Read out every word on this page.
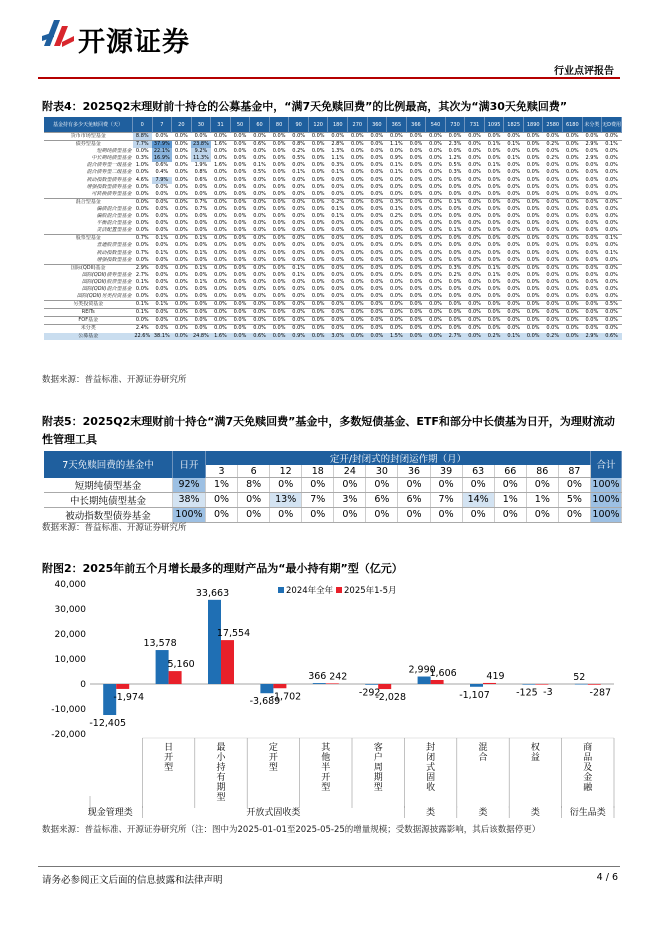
开源证券
行业点评报告
附表4：2025Q2末理财前十持仓的公募基金中，“满7天免赎回费”的比例最高，其次为“满30天免赎回费”
基金持有多少天免赎回费（天）	0	7	20	30	31	50	60	80	90	120	180	270	360	365	366	540	730	731	1095	1825	1890	2580	6180	未分类	无D费用
货币市场型基金	8.8%	0.0%	0.0%	0.0%	0.0%	0.0%	0.0%	0.0%	0.0%	0.0%	0.0%	0.0%	0.0%	0.0%	0.0%	0.0%	0.0%	0.0%	0.0%	0.0%	0.0%	0.0%	0.0%	0.0%	0.0%
债券型基金	7.7%	37.9%	0.0%	23.8%	1.6%	0.0%	0.6%	0.0%	0.8%	0.0%	2.8%	0.0%	0.0%	1.1%	0.0%	0.0%	2.3%	0.0%	0.1%	0.1%	0.0%	0.2%	0.0%	2.9%	0.1%
短期纯债型基金	0.0%	22.1%	0.0%	9.2%	0.0%	0.0%	0.0%	0.0%	0.2%	0.0%	1.3%	0.0%	0.0%	0.0%	0.0%	0.0%	0.0%	0.0%	0.0%	0.0%	0.0%	0.0%	0.0%	0.0%	0.0%
中长期纯债型基金	0.3%	16.9%	0.0%	11.3%	0.0%	0.0%	0.0%	0.0%	0.5%	0.0%	1.1%	0.0%	0.0%	0.9%	0.0%	0.0%	1.2%	0.0%	0.0%	0.1%	0.0%	0.2%	0.0%	2.9%	0.0%
混合债券型一级基金	1.0%	0.6%	0.0%	1.9%	1.6%	0.0%	0.1%	0.0%	0.0%	0.0%	0.3%	0.0%	0.0%	0.1%	0.0%	0.0%	0.5%	0.0%	0.1%	0.0%	0.0%	0.0%	0.0%	0.0%	0.0%
混合债券型二级基金	0.0%	0.4%	0.0%	0.8%	0.0%	0.0%	0.5%	0.0%	0.1%	0.0%	0.1%	0.0%	0.0%	0.1%	0.0%	0.0%	0.3%	0.0%	0.0%	0.0%	0.0%	0.0%	0.0%	0.0%	0.0%
被动指数型债券基金	4.6%	7.9%	0.0%	0.6%	0.0%	0.0%	0.0%	0.0%	0.0%	0.0%	0.0%	0.0%	0.0%	0.0%	0.0%	0.0%	0.0%	0.0%	0.0%	0.0%	0.0%	0.0%	0.0%	0.0%	0.0%
增强指数型债券基金	0.0%	0.0%	0.0%	0.0%	0.0%	0.0%	0.0%	0.0%	0.0%	0.0%	0.0%	0.0%	0.0%	0.0%	0.0%	0.0%	0.0%	0.0%	0.0%	0.0%	0.0%	0.0%	0.0%	0.0%	0.0%
可转换债券型基金	0.0%	0.0%	0.0%	0.0%	0.0%	0.0%	0.0%	0.0%	0.0%	0.0%	0.0%	0.0%	0.0%	0.0%	0.0%	0.0%	0.0%	0.0%	0.0%	0.0%	0.0%	0.0%	0.0%	0.0%	0.0%
混合型基金	0.0%	0.0%	0.0%	0.7%	0.0%	0.0%	0.0%	0.0%	0.0%	0.0%	0.2%	0.0%	0.0%	0.3%	0.0%	0.0%	0.1%	0.0%	0.0%	0.0%	0.0%	0.0%	0.0%	0.0%	0.0%
偏债混合型基金	0.0%	0.0%	0.0%	0.7%	0.0%	0.0%	0.0%	0.0%	0.0%	0.0%	0.1%	0.0%	0.0%	0.1%	0.0%	0.0%	0.0%	0.0%	0.0%	0.0%	0.0%	0.0%	0.0%	0.0%	0.0%
偏股混合型基金	0.0%	0.0%	0.0%	0.0%	0.0%	0.0%	0.0%	0.0%	0.0%	0.0%	0.1%	0.0%	0.0%	0.2%	0.0%	0.0%	0.0%	0.0%	0.0%	0.0%	0.0%	0.0%	0.0%	0.0%	0.0%
平衡混合型基金	0.0%	0.0%	0.0%	0.0%	0.0%	0.0%	0.0%	0.0%	0.0%	0.0%	0.0%	0.0%	0.0%	0.0%	0.0%	0.0%	0.0%	0.0%	0.0%	0.0%	0.0%	0.0%	0.0%	0.0%	0.0%
灵活配置型基金	0.0%	0.0%	0.0%	0.0%	0.0%	0.0%	0.0%	0.0%	0.0%	0.0%	0.0%	0.0%	0.0%	0.0%	0.0%	0.0%	0.1%	0.0%	0.0%	0.0%	0.0%	0.0%	0.0%	0.0%	0.0%
股票型基金	0.7%	0.1%	0.0%	0.1%	0.0%	0.0%	0.0%	0.0%	0.0%	0.0%	0.0%	0.0%	0.0%	0.0%	0.0%	0.0%	0.0%	0.0%	0.0%	0.0%	0.0%	0.0%	0.0%	0.0%	0.1%
普通股票型基金	0.0%	0.0%	0.0%	0.0%	0.0%	0.0%	0.0%	0.0%	0.0%	0.0%	0.0%	0.0%	0.0%	0.0%	0.0%	0.0%	0.0%	0.0%	0.0%	0.0%	0.0%	0.0%	0.0%	0.0%	0.0%
被动指数型基金	0.7%	0.1%	0.0%	0.1%	0.0%	0.0%	0.0%	0.0%	0.0%	0.0%	0.0%	0.0%	0.0%	0.0%	0.0%	0.0%	0.0%	0.0%	0.0%	0.0%	0.0%	0.0%	0.0%	0.0%	0.1%
增强指数型基金	0.0%	0.0%	0.0%	0.0%	0.0%	0.0%	0.0%	0.0%	0.0%	0.0%	0.0%	0.0%	0.0%	0.0%	0.0%	0.0%	0.0%	0.0%	0.0%	0.0%	0.0%	0.0%	0.0%	0.0%	0.0%
国际(QDII)基金	2.9%	0.0%	0.0%	0.1%	0.0%	0.0%	0.0%	0.0%	0.1%	0.0%	0.0%	0.0%	0.0%	0.0%	0.0%	0.0%	0.3%	0.0%	0.1%	0.0%	0.0%	0.0%	0.0%	0.0%	0.0%
国际(QDII)债券型基金	2.7%	0.0%	0.0%	0.0%	0.0%	0.0%	0.0%	0.0%	0.1%	0.0%	0.0%	0.0%	0.0%	0.0%	0.0%	0.0%	0.2%	0.0%	0.1%	0.0%	0.0%	0.0%	0.0%	0.0%	0.0%
国际(QDII)股票型基金	0.1%	0.0%	0.0%	0.1%	0.0%	0.0%	0.0%	0.0%	0.0%	0.0%	0.0%	0.0%	0.0%	0.0%	0.0%	0.0%	0.0%	0.0%	0.0%	0.0%	0.0%	0.0%	0.0%	0.0%	0.0%
国际(QDII)混合型基金	0.0%	0.0%	0.0%	0.0%	0.0%	0.0%	0.0%	0.0%	0.0%	0.0%	0.0%	0.0%	0.0%	0.0%	0.0%	0.0%	0.0%	0.0%	0.0%	0.0%	0.0%	0.0%	0.0%	0.0%	0.0%
国际(QDII)另类投资基金	0.0%	0.0%	0.0%	0.0%	0.0%	0.0%	0.0%	0.0%	0.0%	0.0%	0.0%	0.0%	0.0%	0.0%	0.0%	0.0%	0.0%	0.0%	0.0%	0.0%	0.0%	0.0%	0.0%	0.0%	0.0%
另类投资基金	0.1%	0.1%	0.0%	0.0%	0.0%	0.0%	0.0%	0.0%	0.0%	0.0%	0.0%	0.0%	0.0%	0.0%	0.0%	0.0%	0.0%	0.0%	0.0%	0.0%	0.0%	0.0%	0.0%	0.0%	0.5%
REITs	0.1%	0.0%	0.0%	0.0%	0.0%	0.0%	0.0%	0.0%	0.0%	0.0%	0.0%	0.0%	0.0%	0.0%	0.0%	0.0%	0.0%	0.0%	0.0%	0.0%	0.0%	0.0%	0.0%	0.0%	0.0%
FOF基金	0.0%	0.0%	0.0%	0.0%	0.0%	0.0%	0.0%	0.0%	0.0%	0.0%	0.0%	0.0%	0.0%	0.0%	0.0%	0.0%	0.0%	0.0%	0.0%	0.0%	0.0%	0.0%	0.0%	0.0%	0.0%
未分类	2.4%	0.0%	0.0%	0.0%	0.0%	0.0%	0.0%	0.0%	0.0%	0.0%	0.0%	0.0%	0.0%	0.0%	0.0%	0.0%	0.0%	0.0%	0.0%	0.0%	0.0%	0.0%	0.0%	0.0%	0.0%
公募基金	22.6%	38.1%	0.0%	24.8%	1.6%	0.0%	0.6%	0.0%	0.9%	0.0%	3.0%	0.0%	0.0%	1.5%	0.0%	0.0%	2.7%	0.0%	0.2%	0.1%	0.0%	0.2%	0.0%	2.9%	0.6%
数据来源：普益标准、开源证券研究所
附表5：2025Q2末理财前十持仓“满7天免赎回费”基金中，多数短债基金、ETF和部分中长债基为日开，为理财流动性管理工具
7天免赎回费的基金中	日开	定开/封闭式的封闭运作期（月）												合计
		3	6	12	18	24	30	36	39	63	66	86	87	
短期纯债型基金	92%	1%	8%	0%	0%	0%	0%	0%	0%	0%	0%	0%	0%	100%
中长期纯债型基金	38%	0%	0%	13%	7%	3%	6%	6%	7%	14%	1%	1%	5%	100%
被动指数型债券基金	100%	0%	0%	0%	0%	0%	0%	0%	0%	0%	0%	0%	0%	100%
数据来源：普益标准、开源证券研究所
附图2：2025年前五个月增长最多的理财产品为“最小持有期”型（亿元）
-20,000
-10,000
0
10,000
20,000
30,000
40,000
-12,405
-1,974
13,578
5,160
33,663
17,554
-3,689
-1,702
366 242
-292
-2,028
2,990
1,606
-1,107
419
-125 -3
52
-287
2024年全年 2025年1-5月
日
开
型
最
小
持
有
期
型
定
开
型
其
他
半
开
型
客
户
周
期
型
封
闭
式
固
收
混
合
权
益
商
品
及
金
融
现金管理类	开放式固收类	类	类	类	衍生品类
数据来源：普益标准、开源证券研究所（注：图中为2025-01-01至2025-05-25的增量规模；受数据源披露影响，其后该数据停更）
请务必参阅正文后面的信息披露和法律声明	4 / 6
